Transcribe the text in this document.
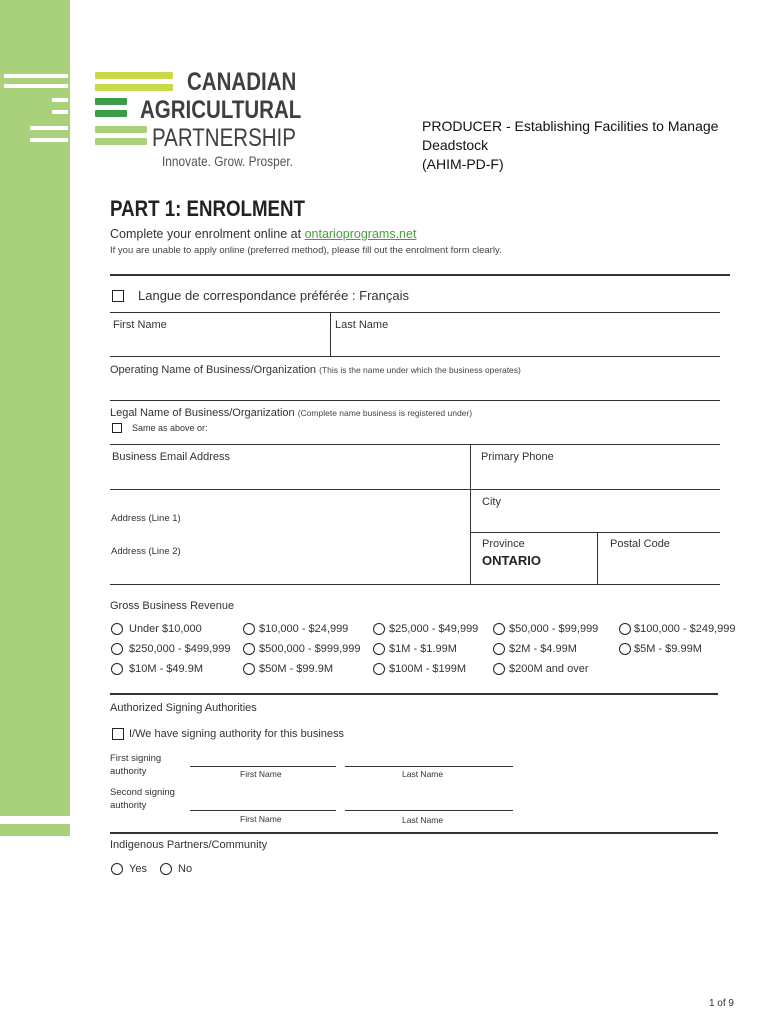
CANADIAN
AGRICULTURAL
PARTNERSHIP
Innovate. Grow. Prosper.
PRODUCER - Establishing Facilities to Manage
Deadstock
(AHIM-PD-F)
PART 1: ENROLMENT
Complete your enrolment online at ontarioprograms.net
If you are unable to apply online (preferred method), please fill out the enrolment form clearly.
Langue de correspondance préférée : Français
First Name	Last Name
Operating Name of Business/Organization (This is the name under which the business operates)
Legal Name of Business/Organization (Complete name business is registered under)
Same as above or:
Business Email Address	Primary Phone
City
Address (Line 1)
Address (Line 2)
Province
ONTARIO
Postal Code
Gross Business Revenue
Under $10,000	$10,000 - $24,999	$25,000 - $49,999	$50,000 - $99,999	$100,000 - $249,999
$250,000 - $499,999	$500,000 - $999,999	$1M - $1.99M	$2M - $4.99M	$5M - $9.99M
$10M - $49.9M	$50M - $99.9M	$100M - $199M	$200M and over
Authorized Signing Authorities
I/We have signing authority for this business
First signing
authority	First Name	Last Name
Second signing
authority
First Name	Last Name
Indigenous Partners/Community
Yes	No
1 of 9
